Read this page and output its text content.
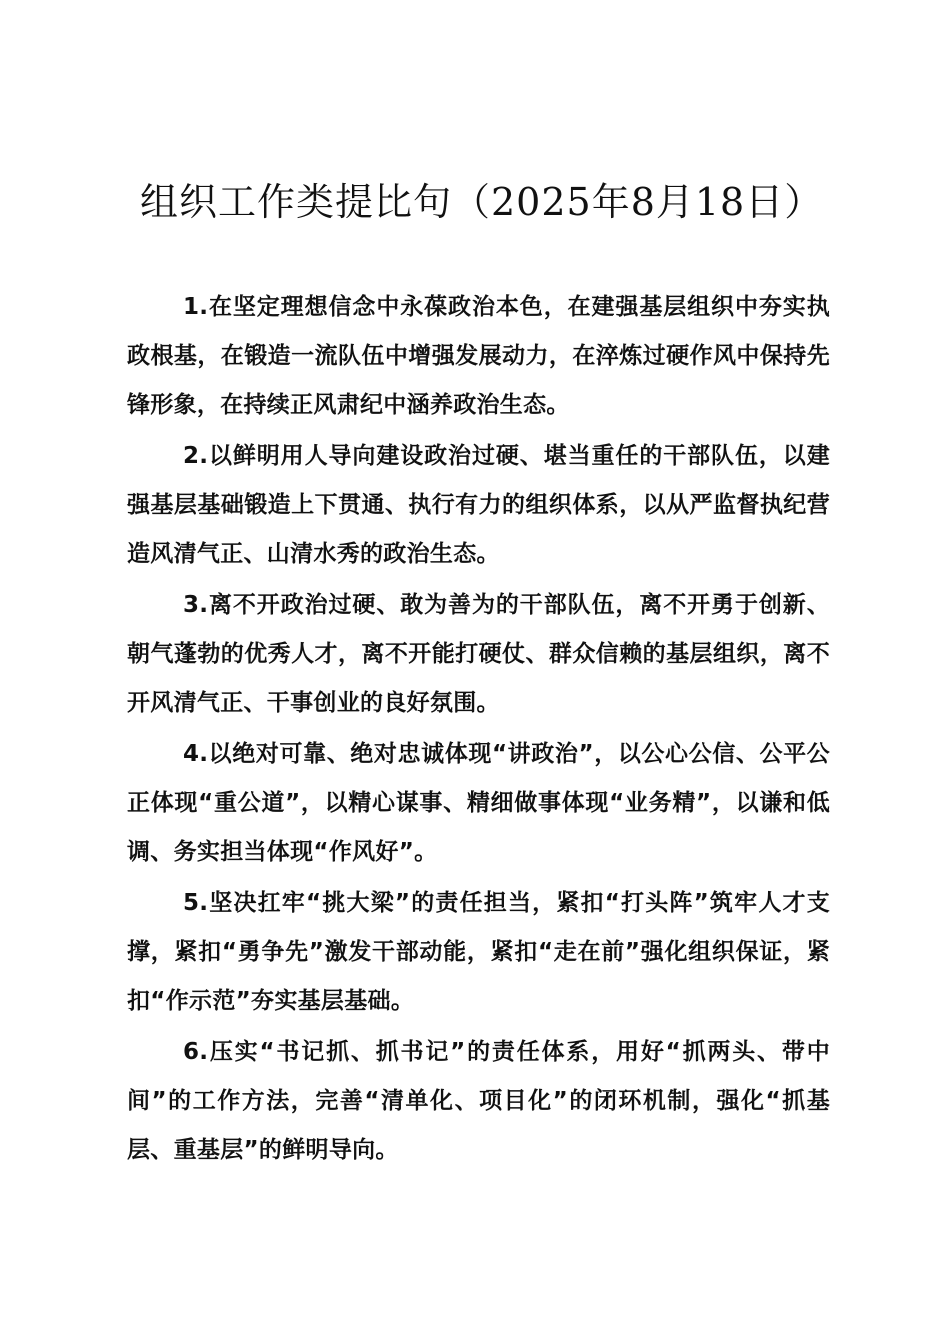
组织工作类提比句（2025年8月18日）

1.在坚定理想信念中永葆政治本色，在建强基层组织中夯实执政根基，在锻造一流队伍中增强发展动力，在淬炼过硬作风中保持先锋形象，在持续正风肃纪中涵养政治生态。

2.以鲜明用人导向建设政治过硬、堪当重任的干部队伍，以建强基层基础锻造上下贯通、执行有力的组织体系，以从严监督执纪营造风清气正、山清水秀的政治生态。

3.离不开政治过硬、敢为善为的干部队伍，离不开勇于创新、朝气蓬勃的优秀人才，离不开能打硬仗、群众信赖的基层组织，离不开风清气正、干事创业的良好氛围。

4.以绝对可靠、绝对忠诚体现“讲政治”，以公心公信、公平公正体现“重公道”，以精心谋事、精细做事体现“业务精”，以谦和低调、务实担当体现“作风好”。

5.坚决扛牢“挑大梁”的责任担当，紧扣“打头阵”筑牢人才支撑，紧扣“勇争先”激发干部动能，紧扣“走在前”强化组织保证，紧扣“作示范”夯实基层基础。

6.压实“书记抓、抓书记”的责任体系，用好“抓两头、带中间”的工作方法，完善“清单化、项目化”的闭环机制，强化“抓基层、重基层”的鲜明导向。
